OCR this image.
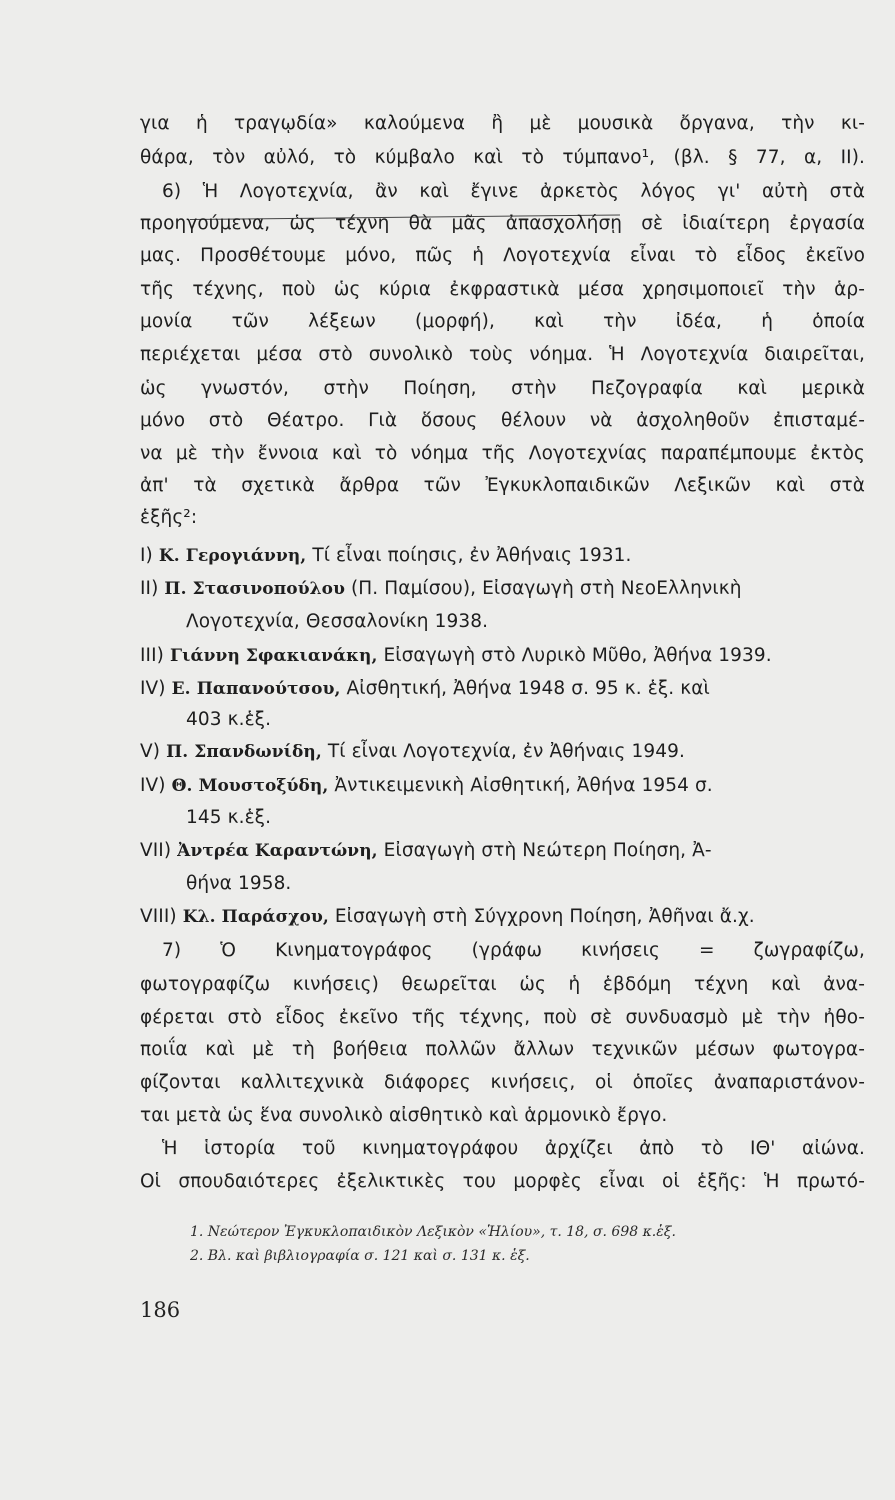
για ἡ τραγῳδία» καλούμενα ἢ μὲ μουσικὰ ὄργανα, τὴν κι-
θάρα, τὸν αὐλό, τὸ κύμβαλο καὶ τὸ τύμπανο¹, (βλ. § 77, α, ΙΙ).
6) Ἡ Λογοτεχνία, ἂν καὶ ἔγινε ἀρκετὸς λόγος γι' αὐτὴ στὰ
προηγούμενα, ὡς τέχνη θὰ μᾶς ἀπασχολήσῃ σὲ ἰδιαίτερη ἐργασία
μας. Προσθέτουμε μόνο, πῶς ἡ Λογοτεχνία εἶναι τὸ εἶδος ἐκεῖνο
τῆς τέχνης, ποὺ ὡς κύρια ἐκφραστικὰ μέσα χρησιμοποιεῖ τὴν ἁρ-
μονία τῶν λέξεων (μορφή), καὶ τὴν ἰδέα, ἡ ὁποία
περιέχεται μέσα στὸ συνολικὸ τοὺς νόημα. Ἡ Λογοτεχνία διαιρεῖται,
ὡς γνωστόν, στὴν Ποίηση, στὴν Πεζογραφία καὶ μερικὰ
μόνο στὸ Θέατρο. Γιὰ ὅσους θέλουν νὰ ἀσχοληθοῦν ἐπισταμέ-
να μὲ τὴν ἔννοια καὶ τὸ νόημα τῆς Λογοτεχνίας παραπέμπουμε ἐκτὸς
ἀπ' τὰ σχετικὰ ἄρθρα τῶν Ἐγκυκλοπαιδικῶν Λεξικῶν καὶ στὰ
ἑξῆς²:
I) Κ. Γερογιάννη, Τί εἶναι ποίησις, ἐν Ἀθήναις 1931.
II) Π. Στασινοπούλου (Π. Παμίσου), Εἰσαγωγὴ στὴ ΝεοΕλληνικὴ
Λογοτεχνία, Θεσσαλονίκη 1938.
III) Γιάννη Σφακιανάκη, Εἰσαγωγὴ στὸ Λυρικὸ Μῦθο, Ἀθήνα 1939.
IV) Ε. Παπανούτσου, Αἰσθητική, Ἀθήνα 1948 σ. 95 κ. ἑξ. καὶ
403 κ.ἑξ.
V) Π. Σπανδωνίδη, Τί εἶναι Λογοτεχνία, ἐν Ἀθήναις 1949.
IV) Θ. Μουστοξύδη, Ἀντικειμενικὴ Αἰσθητική, Ἀθήνα 1954 σ.
145 κ.ἑξ.
VII) Ἀντρέα Καραντώνη, Εἰσαγωγὴ στὴ Νεώτερη Ποίηση, Ἀ-
θήνα 1958.
VIII) Κλ. Παράσχου, Εἰσαγωγὴ στὴ Σύγχρονη Ποίηση, Ἀθῆναι ἄ.χ.
7) Ὁ Κινηματογράφος (γράφω κινήσεις = ζωγραφίζω,
φωτογραφίζω κινήσεις) θεωρεῖται ὡς ἡ ἑβδόμη τέχνη καὶ ἀνα-
φέρεται στὸ εἶδος ἐκεῖνο τῆς τέχνης, ποὺ σὲ συνδυασμὸ μὲ τὴν ἠθο-
ποιΐα καὶ μὲ τὴ βοήθεια πολλῶν ἄλλων τεχνικῶν μέσων φωτογρα-
φίζονται καλλιτεχνικὰ διάφορες κινήσεις, οἱ ὁποῖες ἀναπαριστάνον-
ται μετὰ ὡς ἕνα συνολικὸ αἰσθητικὸ καὶ ἁρμονικὸ ἔργο.
Ἡ ἱστορία τοῦ κινηματογράφου ἀρχίζει ἀπὸ τὸ ΙΘ' αἰώνα.
Οἱ σπουδαιότερες ἐξελικτικὲς του μορφὲς εἶναι οἱ ἑξῆς: Ἡ πρωτό-
1. Νεώτερον Ἐγκυκλοπαιδικὸν Λεξικὸν «Ἡλίου», τ. 18, σ. 698 κ.ἑξ.
2. Βλ. καὶ βιβλιογραφία σ. 121 καὶ σ. 131 κ. ἑξ.
186
